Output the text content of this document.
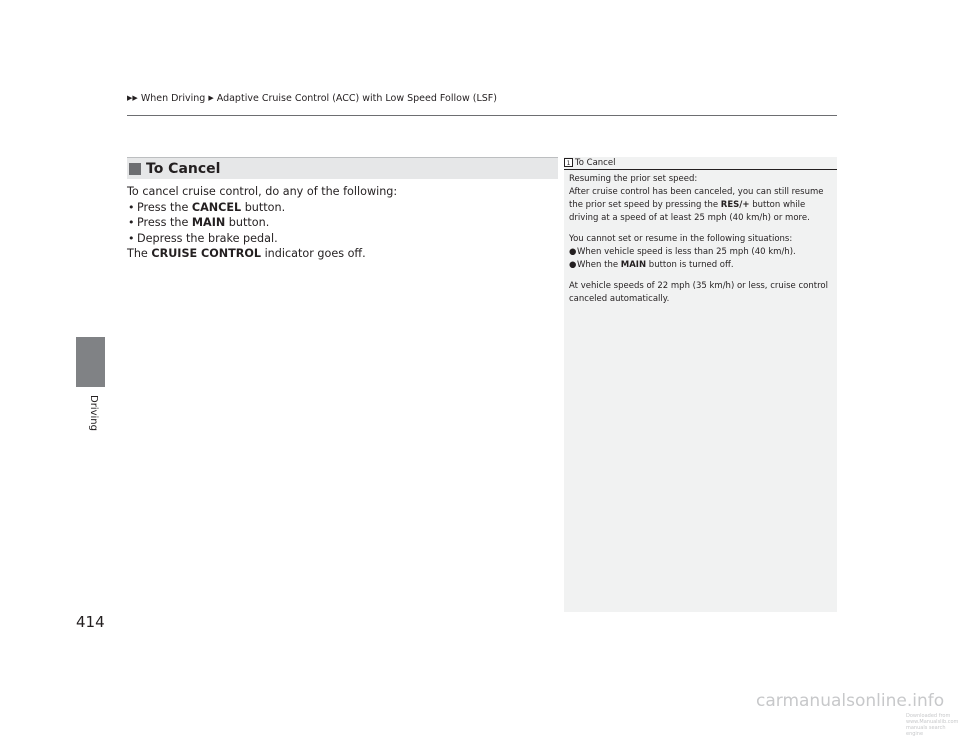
▶▶ When Driving ▶ Adaptive Cruise Control (ACC) with Low Speed Follow (LSF)
Driving
414
To Cancel

To cancel cruise control, do any of the following:

• Press the CANCEL button.
• Press the MAIN button.
• Depress the brake pedal.

The CRUISE CONTROL indicator goes off.

1 To Cancel

Resuming the prior set speed:

After cruise control has been canceled, you can still resume the prior set speed by pressing the RES/+ button while driving at a speed of at least 25 mph (40 km/h) or more.

You cannot set or resume in the following situations:

● When vehicle speed is less than 25 mph (40 km/h).

● When the MAIN button is turned off.

At vehicle speeds of 22 mph (35 km/h) or less, cruise control canceled automatically.

carmanualsonline.info
Downloaded from www.Manualslib.com manuals search engine
